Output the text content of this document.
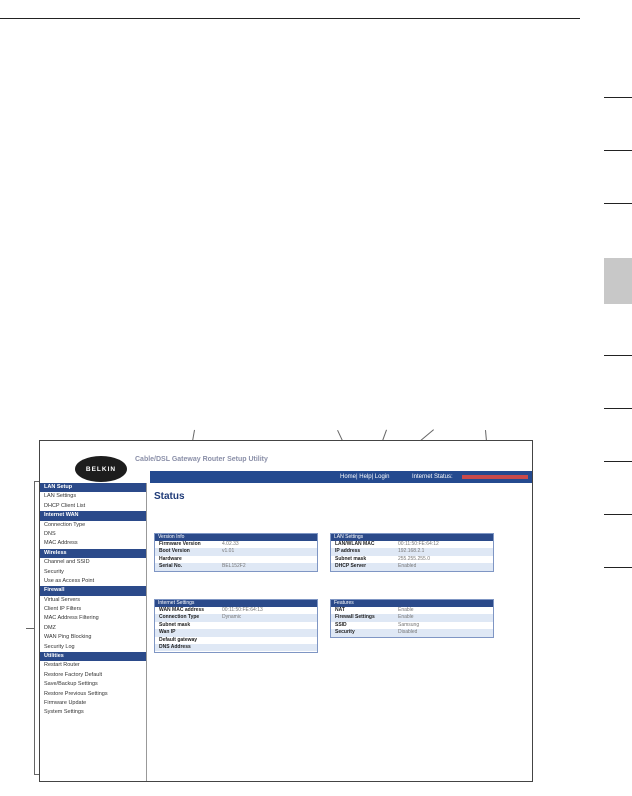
BELKIN
Cable/DSL Gateway Router Setup Utility
Home| Help| Login	Internet Status:
LAN Setup
LAN Settings
DHCP Client List
Internet WAN
Connection Type
DNS
MAC Address
Wireless
Channel and SSID
Security
Use as Access Point
Firewall
Virtual Servers
Client IP Filters
MAC Address Filtering
DMZ
WAN Ping Blocking
Security Log
Utilities
Restart Router
Restore Factory Default
Save/Backup Settings
Restore Previous Settings
Firmware Update
System Settings
Status
Version Info
Firmware Version	4.02.33
Boot Version	v1.01
Hardware
Serial No.	BEL152F2
LAN Settings
LAN/WLAN MAC	00:11:50:FE:64:12
IP address	192.168.2.1
Subnet mask	255.255.255.0
DHCP Server	Enabled
Internet Settings
WAN MAC address	00:11:50:FE:64:13
Connection Type	Dynamic
Subnet mask
Wan IP
Default gateway
DNS Address
Features
NAT	Enable
Firewall Settings	Enable
SSID	Samsung
Security	Disabled
